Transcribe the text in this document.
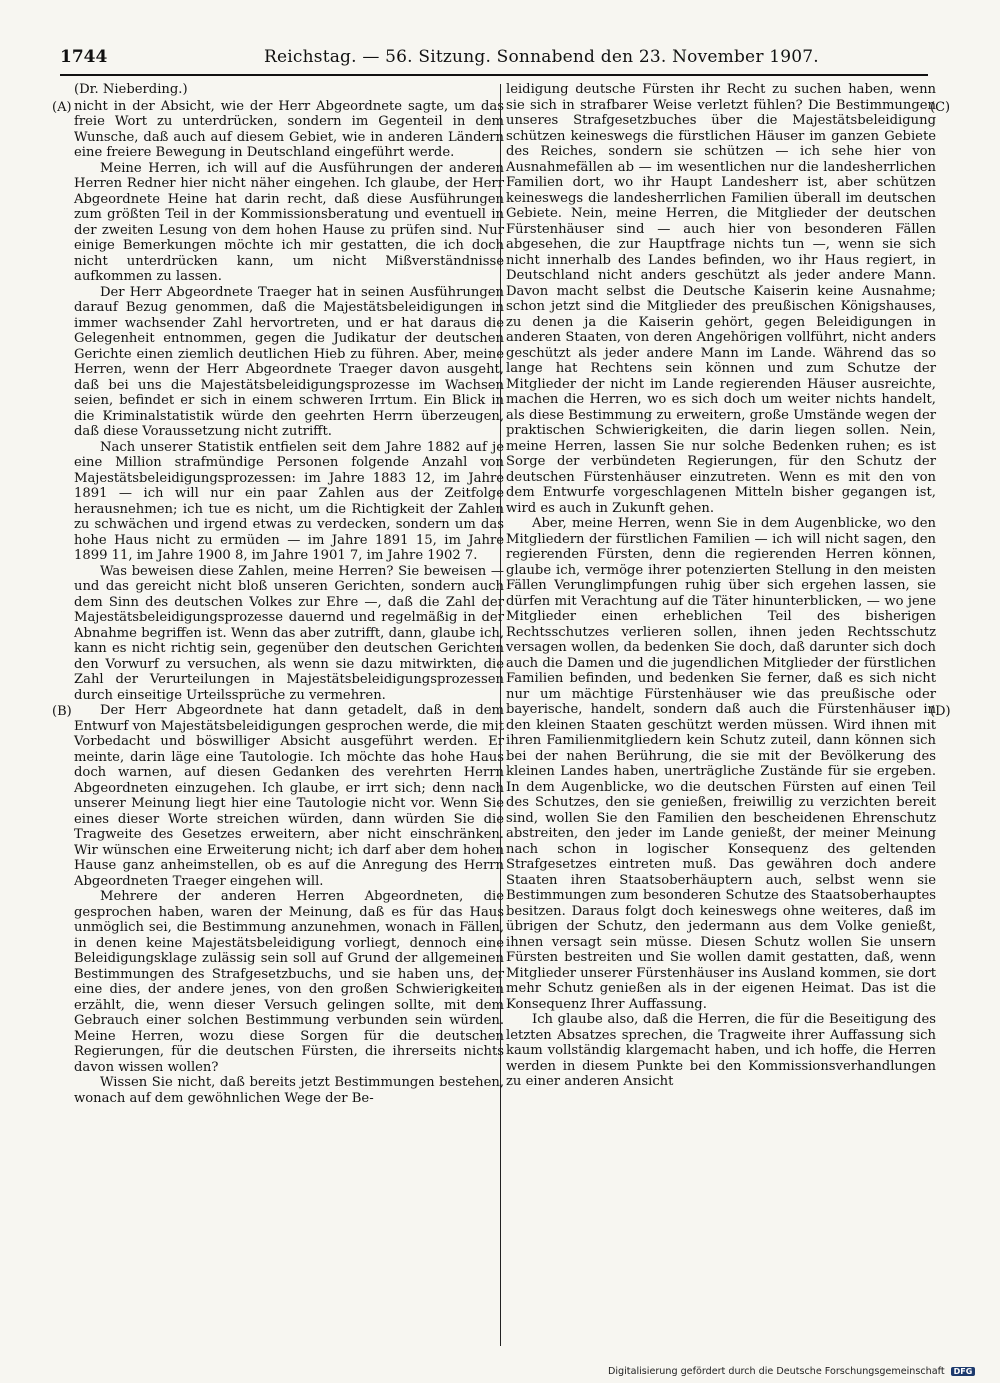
1744	Reichstag. — 56. Sitzung. Sonnabend den 23. November 1907.
(Dr. Nieberding.)

nicht in der Absicht, wie der Herr Abgeordnete sagte, um das freie Wort zu unterdrücken, sondern im Gegenteil in dem Wunsche, daß auch auf diesem Gebiet, wie in anderen Ländern eine freiere Bewegung in Deutschland eingeführt werde.

Meine Herren, ich will auf die Ausführungen der anderen Herren Redner hier nicht näher eingehen. Ich glaube, der Herr Abgeordnete Heine hat darin recht, daß diese Ausführungen zum größten Teil in der Kommissionsberatung und eventuell in der zweiten Lesung von dem hohen Hause zu prüfen sind. Nur einige Bemerkungen möchte ich mir gestatten, die ich doch nicht unterdrücken kann, um nicht Mißverständnisse aufkommen zu lassen.

Der Herr Abgeordnete Traeger hat in seinen Ausführungen darauf Bezug genommen, daß die Majestätsbeleidigungen in immer wachsender Zahl hervortreten, und er hat daraus die Gelegenheit entnommen, gegen die Judikatur der deutschen Gerichte einen ziemlich deutlichen Hieb zu führen. Aber, meine Herren, wenn der Herr Abgeordnete Traeger davon ausgeht, daß bei uns die Majestätsbeleidigungsprozesse im Wachsen seien, befindet er sich in einem schweren Irrtum. Ein Blick in die Kriminalstatistik würde den geehrten Herrn überzeugen, daß diese Voraussetzung nicht zutrifft.

Nach unserer Statistik entfielen seit dem Jahre 1882 auf je eine Million strafmündige Personen folgende Anzahl von Majestätsbeleidigungsprozessen: im Jahre 1883 12, im Jahre 1891 — ich will nur ein paar Zahlen aus der Zeitfolge herausnehmen; ich tue es nicht, um die Richtigkeit der Zahlen zu schwächen und irgend etwas zu verdecken, sondern um das hohe Haus nicht zu ermüden — im Jahre 1891 15, im Jahre 1899 11, im Jahre 1900 8, im Jahre 1901 7, im Jahre 1902 7.

Was beweisen diese Zahlen, meine Herren? Sie beweisen — und das gereicht nicht bloß unseren Gerichten, sondern auch dem Sinn des deutschen Volkes zur Ehre —, daß die Zahl der Majestätsbeleidigungsprozesse dauernd und regelmäßig in der Abnahme begriffen ist. Wenn das aber zutrifft, dann, glaube ich, kann es nicht richtig sein, gegenüber den deutschen Gerichten den Vorwurf zu versuchen, als wenn sie dazu mitwirkten, die Zahl der Verurteilungen in Majestätsbeleidigungsprozessen durch einseitige Urteilssprüche zu vermehren.

Der Herr Abgeordnete hat dann getadelt, daß in dem Entwurf von Majestätsbeleidigungen gesprochen werde, die mit Vorbedacht und böswilliger Absicht ausgeführt werden. Er meinte, darin läge eine Tautologie. Ich möchte das hohe Haus doch warnen, auf diesen Gedanken des verehrten Herrn Abgeordneten einzugehen. Ich glaube, er irrt sich; denn nach unserer Meinung liegt hier eine Tautologie nicht vor. Wenn Sie eines dieser Worte streichen würden, dann würden Sie die Tragweite des Gesetzes erweitern, aber nicht einschränken. Wir wünschen eine Erweiterung nicht; ich darf aber dem hohen Hause ganz anheimstellen, ob es auf die Anregung des Herrn Abgeordneten Traeger eingehen will.

Mehrere der anderen Herren Abgeordneten, die gesprochen haben, waren der Meinung, daß es für das Haus unmöglich sei, die Bestimmung anzunehmen, wonach in Fällen, in denen keine Majestätsbeleidigung vorliegt, dennoch eine Beleidigungsklage zulässig sein soll auf Grund der allgemeinen Bestimmungen des Strafgesetzbuchs, und sie haben uns, der eine dies, der andere jenes, von den großen Schwierigkeiten erzählt, die, wenn dieser Versuch gelingen sollte, mit dem Gebrauch einer solchen Bestimmung verbunden sein würden. Meine Herren, wozu diese Sorgen für die deutschen Regierungen, für die deutschen Fürsten, die ihrerseits nichts davon wissen wollen?

Wissen Sie nicht, daß bereits jetzt Bestimmungen bestehen, wonach auf dem gewöhnlichen Wege der Be-

leidigung deutsche Fürsten ihr Recht zu suchen haben, wenn sie sich in strafbarer Weise verletzt fühlen? Die Bestimmungen unseres Strafgesetzbuches über die Majestätsbeleidigung schützen keineswegs die fürstlichen Häuser im ganzen Gebiete des Reiches, sondern sie schützen — ich sehe hier von Ausnahmefällen ab — im wesentlichen nur die landesherrlichen Familien dort, wo ihr Haupt Landesherr ist, aber schützen keineswegs die landesherrlichen Familien überall im deutschen Gebiete. Nein, meine Herren, die Mitglieder der deutschen Fürstenhäuser sind — auch hier von besonderen Fällen abgesehen, die zur Hauptfrage nichts tun —, wenn sie sich nicht innerhalb des Landes befinden, wo ihr Haus regiert, in Deutschland nicht anders geschützt als jeder andere Mann. Davon macht selbst die Deutsche Kaiserin keine Ausnahme; schon jetzt sind die Mitglieder des preußischen Königshauses, zu denen ja die Kaiserin gehört, gegen Beleidigungen in anderen Staaten, von deren Angehörigen vollführt, nicht anders geschützt als jeder andere Mann im Lande. Während das so lange hat Rechtens sein können und zum Schutze der Mitglieder der nicht im Lande regierenden Häuser ausreichte, machen die Herren, wo es sich doch um weiter nichts handelt, als diese Bestimmung zu erweitern, große Umstände wegen der praktischen Schwierigkeiten, die darin liegen sollen. Nein, meine Herren, lassen Sie nur solche Bedenken ruhen; es ist Sorge der verbündeten Regierungen, für den Schutz der deutschen Fürstenhäuser einzutreten. Wenn es mit den von dem Entwurfe vorgeschlagenen Mitteln bisher gegangen ist, wird es auch in Zukunft gehen.

Aber, meine Herren, wenn Sie in dem Augenblicke, wo den Mitgliedern der fürstlichen Familien — ich will nicht sagen, den regierenden Fürsten, denn die regierenden Herren können, glaube ich, vermöge ihrer potenzierten Stellung in den meisten Fällen Verunglimpfungen ruhig über sich ergehen lassen, sie dürfen mit Verachtung auf die Täter hinunterblicken, — wo jene Mitglieder einen erheblichen Teil des bisherigen Rechtsschutzes verlieren sollen, ihnen jeden Rechtsschutz versagen wollen, da bedenken Sie doch, daß darunter sich doch auch die Damen und die jugendlichen Mitglieder der fürstlichen Familien befinden, und bedenken Sie ferner, daß es sich nicht nur um mächtige Fürstenhäuser wie das preußische oder bayerische, handelt, sondern daß auch die Fürstenhäuser in den kleinen Staaten geschützt werden müssen. Wird ihnen mit ihren Familienmitgliedern kein Schutz zuteil, dann können sich bei der nahen Berührung, die sie mit der Bevölkerung des kleinen Landes haben, unerträgliche Zustände für sie ergeben. In dem Augenblicke, wo die deutschen Fürsten auf einen Teil des Schutzes, den sie genießen, freiwillig zu verzichten bereit sind, wollen Sie den Familien den bescheidenen Ehrenschutz abstreiten, den jeder im Lande genießt, der meiner Meinung nach schon in logischer Konsequenz des geltenden Strafgesetzes eintreten muß. Das gewähren doch andere Staaten ihren Staatsoberhäuptern auch, selbst wenn sie Bestimmungen zum besonderen Schutze des Staatsoberhauptes besitzen. Daraus folgt doch keineswegs ohne weiteres, daß im übrigen der Schutz, den jedermann aus dem Volke genießt, ihnen versagt sein müsse. Diesen Schutz wollen Sie unsern Fürsten bestreiten und Sie wollen damit gestatten, daß, wenn Mitglieder unserer Fürstenhäuser ins Ausland kommen, sie dort mehr Schutz genießen als in der eigenen Heimat. Das ist die Konsequenz Ihrer Auffassung.

Ich glaube also, daß die Herren, die für die Beseitigung des letzten Absatzes sprechen, die Tragweite ihrer Auffassung sich kaum vollständig klargemacht haben, und ich hoffe, die Herren werden in diesem Punkte bei den Kommissionsverhandlungen zu einer anderen Ansicht

(A)
(B)
(C)
(D)
Digitalisierung gefördert durch die Deutsche Forschungsgemeinschaft DFG
